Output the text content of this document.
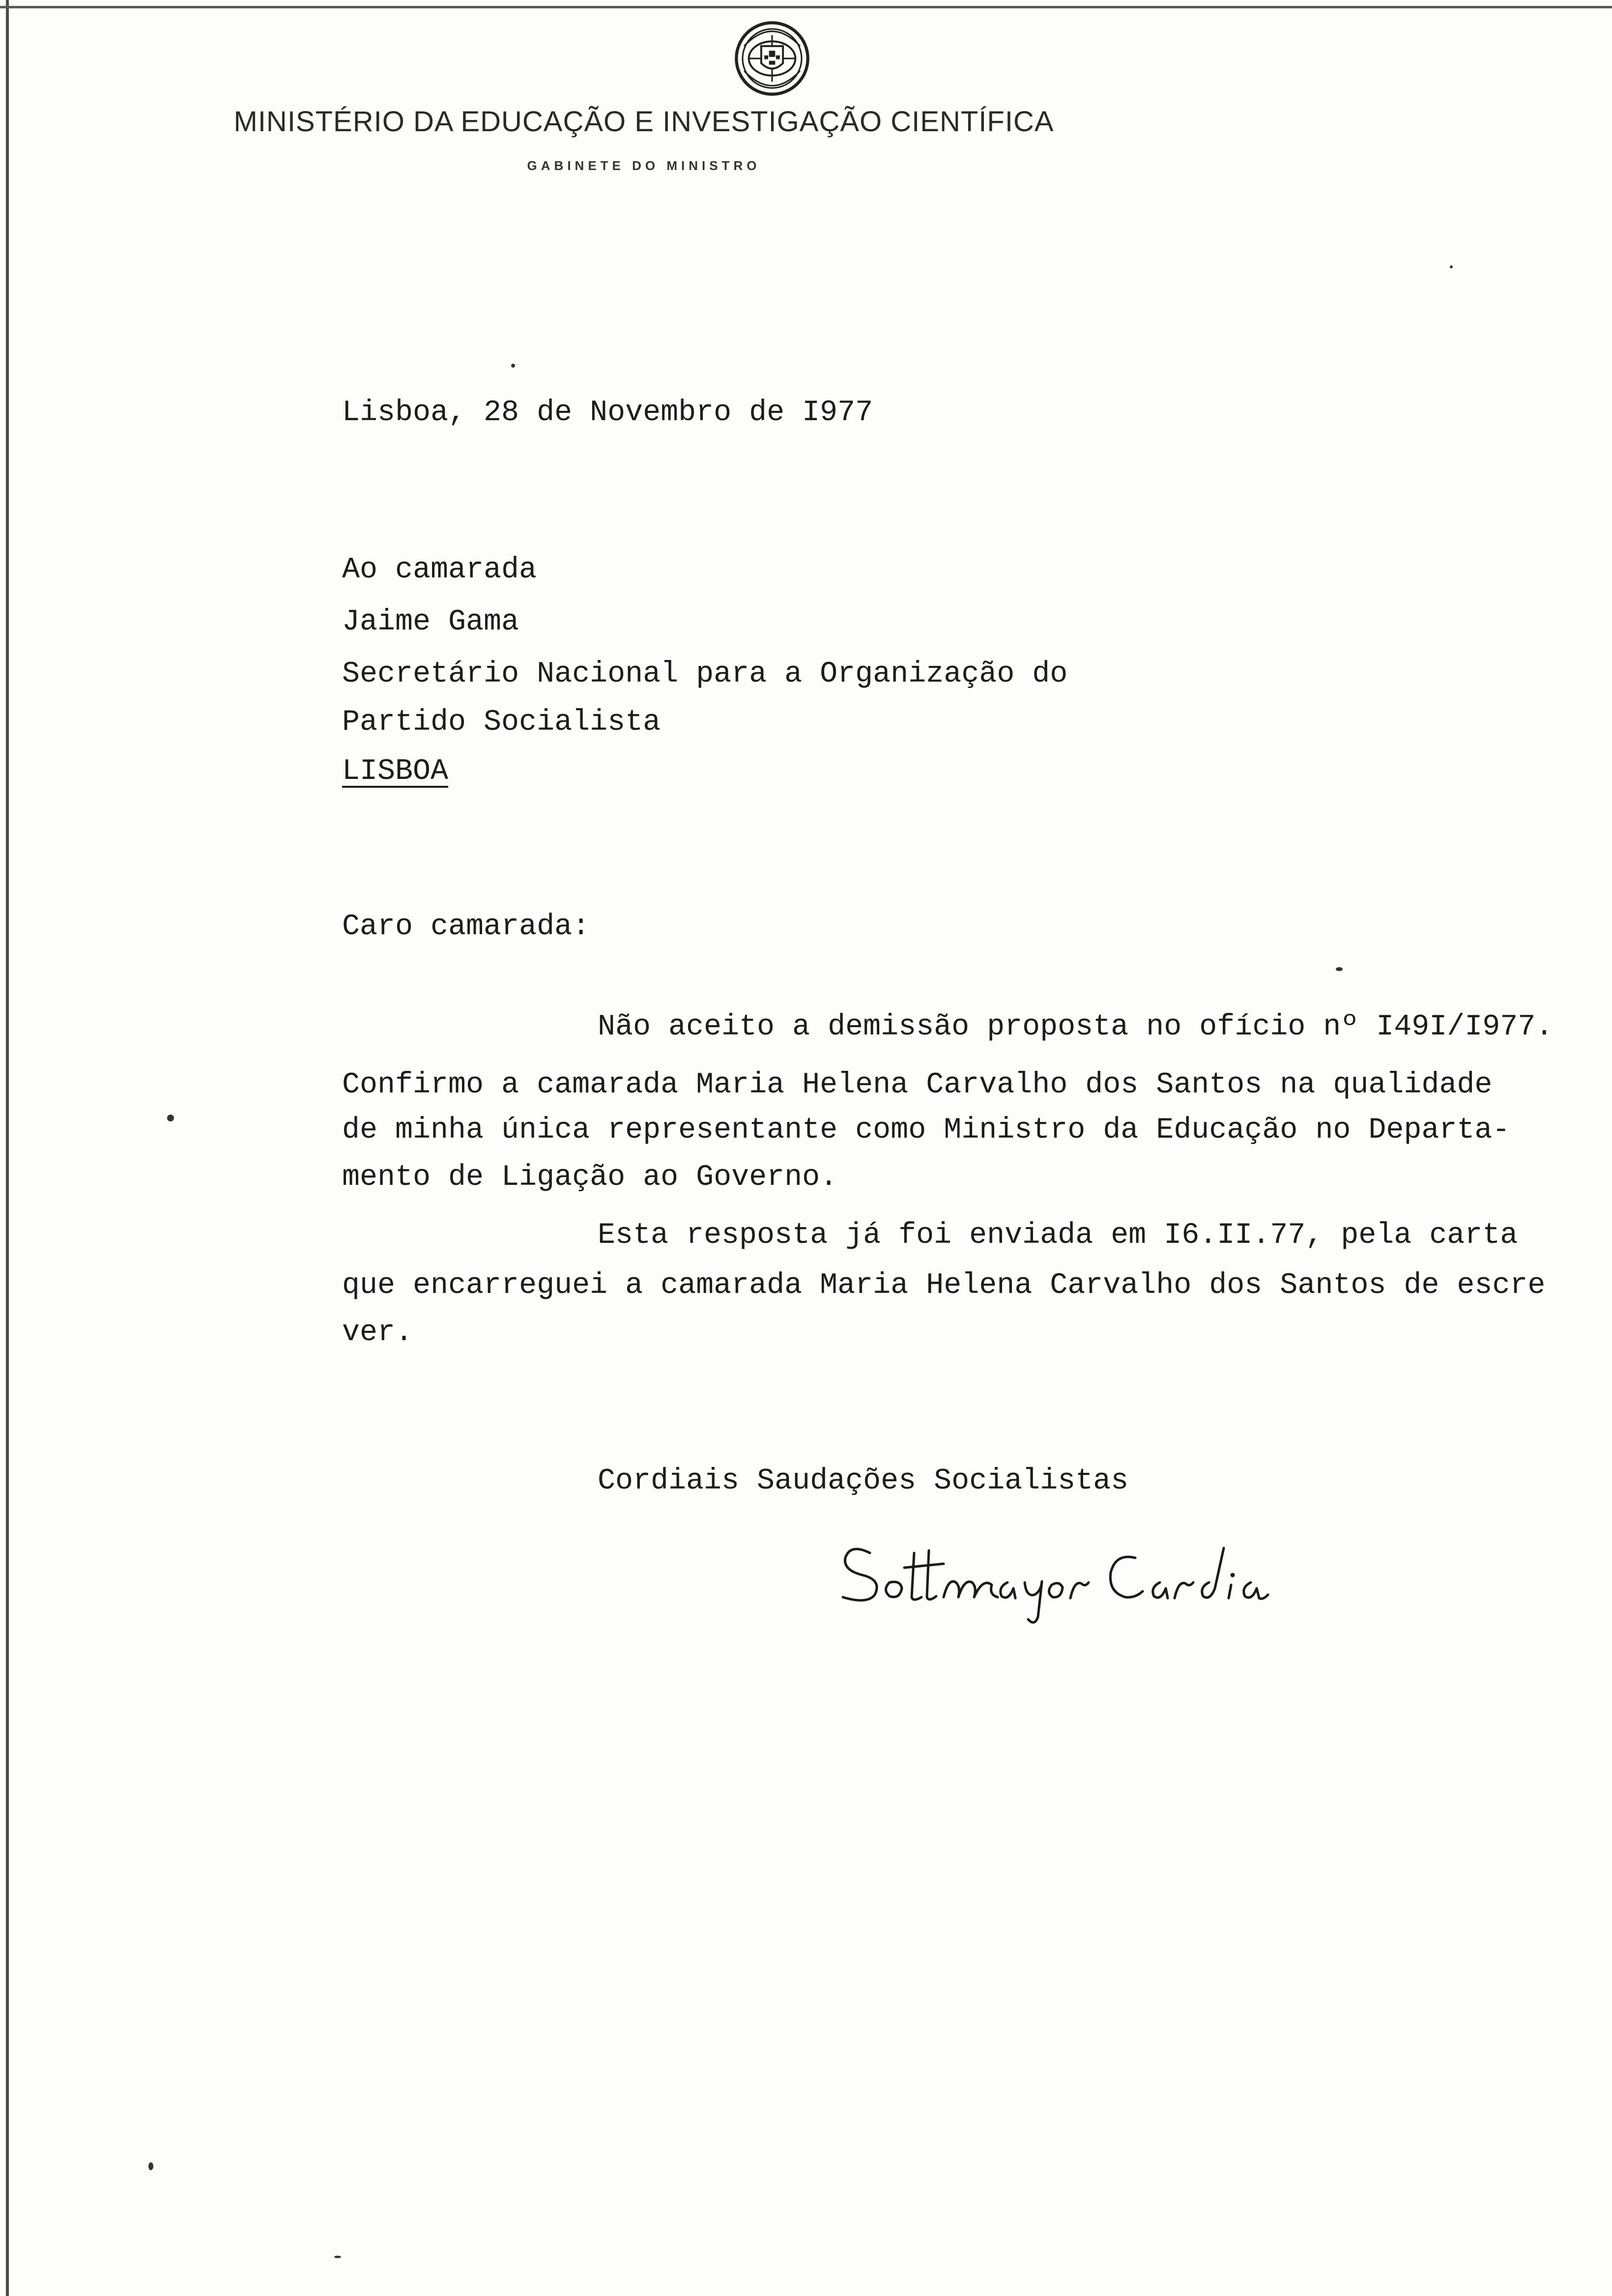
MINISTÉRIO DA EDUCAÇÃO E INVESTIGAÇÃO CIENTÍFICA
GABINETE DO MINISTRO
Lisboa, 28 de Novembro de I977
Ao camarada
Jaime Gama
Secretário Nacional para a Organização do
Partido Socialista
LISBOA
Caro camarada:
Não aceito a demissão proposta no ofício nº I49I/I977.
Confirmo a camarada Maria Helena Carvalho dos Santos na qualidade
de minha única representante como Ministro da Educação no Departa-
mento de Ligação ao Governo.
Esta resposta já foi enviada em I6.II.77, pela carta
que encarreguei a camarada Maria Helena Carvalho dos Santos de escre
ver.
Cordiais Saudações Socialistas
